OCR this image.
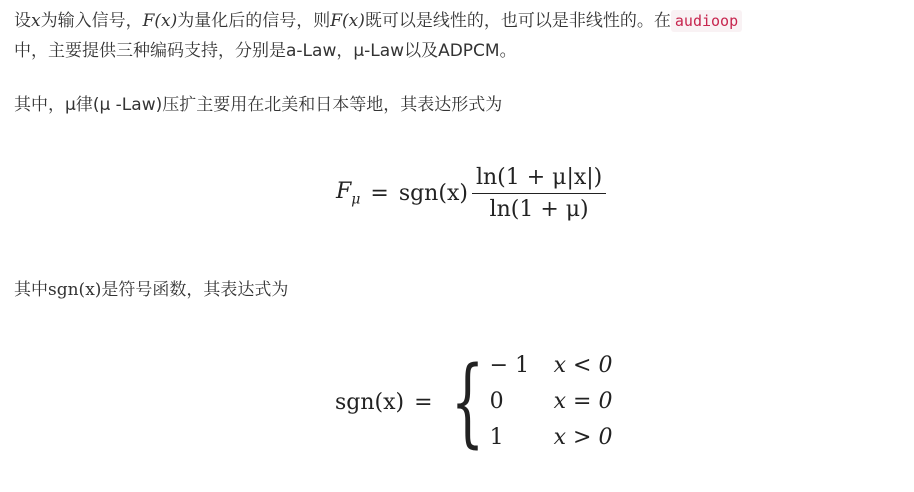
设x为输入信号，F(x)为量化后的信号，则F(x)既可以是线性的，也可以是非线性的。在 audioop
中，主要提供三种编码支持，分别是a-Law，μ-Law以及ADPCM。
其中，μ律(μ -Law)压扩主要用在北美和日本等地，其表达形式为
$F_\mu = sgn(x) \frac{\ln(1 + \mu|x|)}{\ln(1 + \mu)}$
其中sgn(x)是符号函数，其表达式为
sgn(x) = { − 1	x < 0
0	x = 0
1	x > 0
